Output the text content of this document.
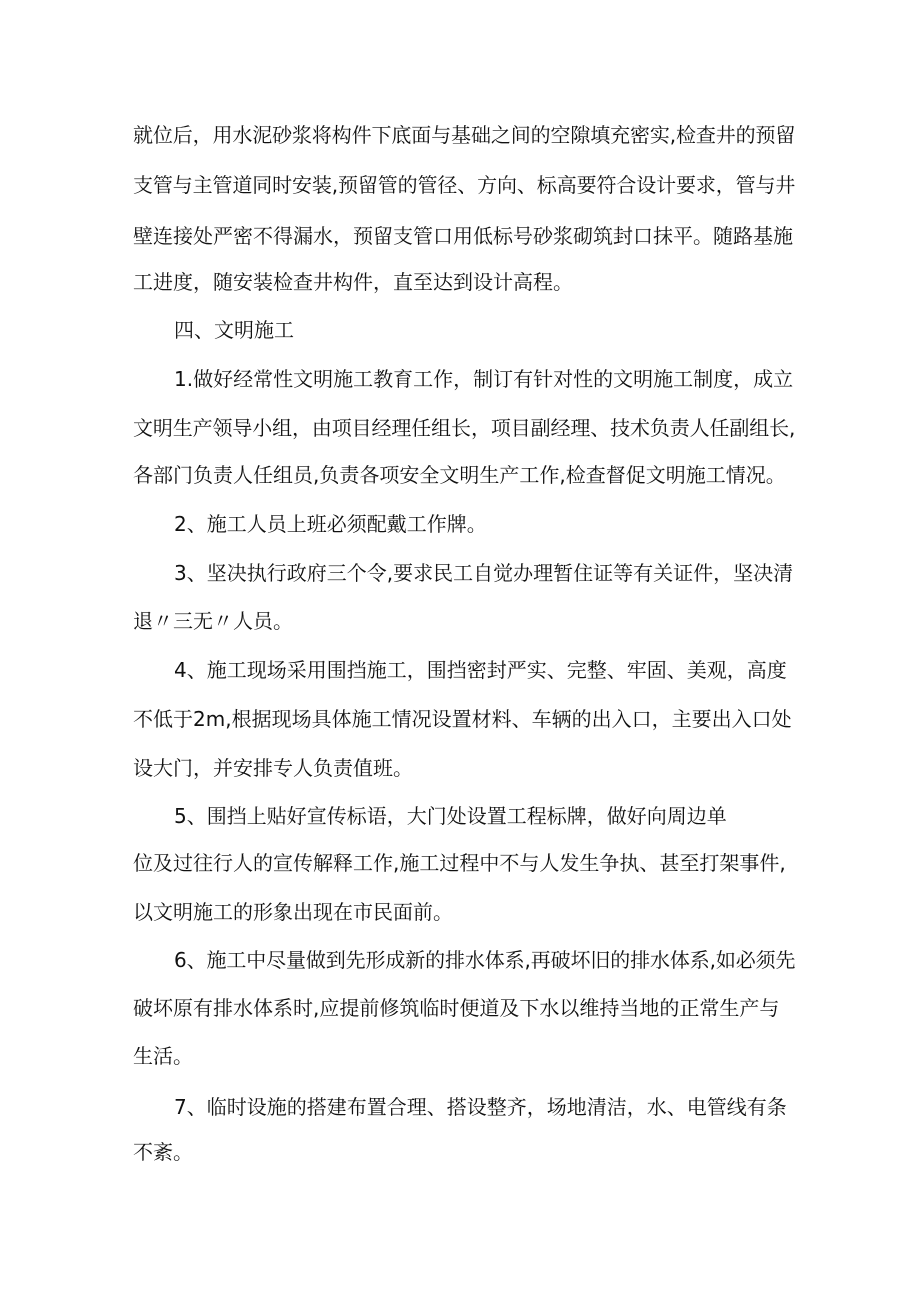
就位后，用水泥砂浆将构件下底面与基础之间的空隙填充密实,检查井的预留
支管与主管道同时安装,预留管的管径、方向、标高要符合设计要求，管与井
壁连接处严密不得漏水，预留支管口用低标号砂浆砌筑封口抹平。随路基施
工进度，随安装检查井构件，直至达到设计高程。
四、文明施工
1.做好经常性文明施工教育工作，制订有针对性的文明施工制度，成立
文明生产领导小组，由项目经理任组长，项目副经理、技术负责人任副组长,
各部门负责人任组员,负责各项安全文明生产工作,检查督促文明施工情况。
2、施工人员上班必须配戴工作牌。
3、坚决执行政府三个令,要求民工自觉办理暂住证等有关证件，坚决清
退〃三无〃人员。
4、施工现场采用围挡施工，围挡密封严实、完整、牢固、美观，高度
不低于2m,根据现场具体施工情况设置材料、车辆的出入口，主要出入口处
设大门，并安排专人负责值班。
5、围挡上贴好宣传标语，大门处设置工程标牌，做好向周边单
位及过往行人的宣传解释工作,施工过程中不与人发生争执、甚至打架事件,
以文明施工的形象出现在市民面前。
6、施工中尽量做到先形成新的排水体系,再破坏旧的排水体系,如必须先
破坏原有排水体系时,应提前修筑临时便道及下水以维持当地的正常生产与
生活。
7、临时设施的搭建布置合理、搭设整齐，场地清洁，水、电管线有条
不紊。
